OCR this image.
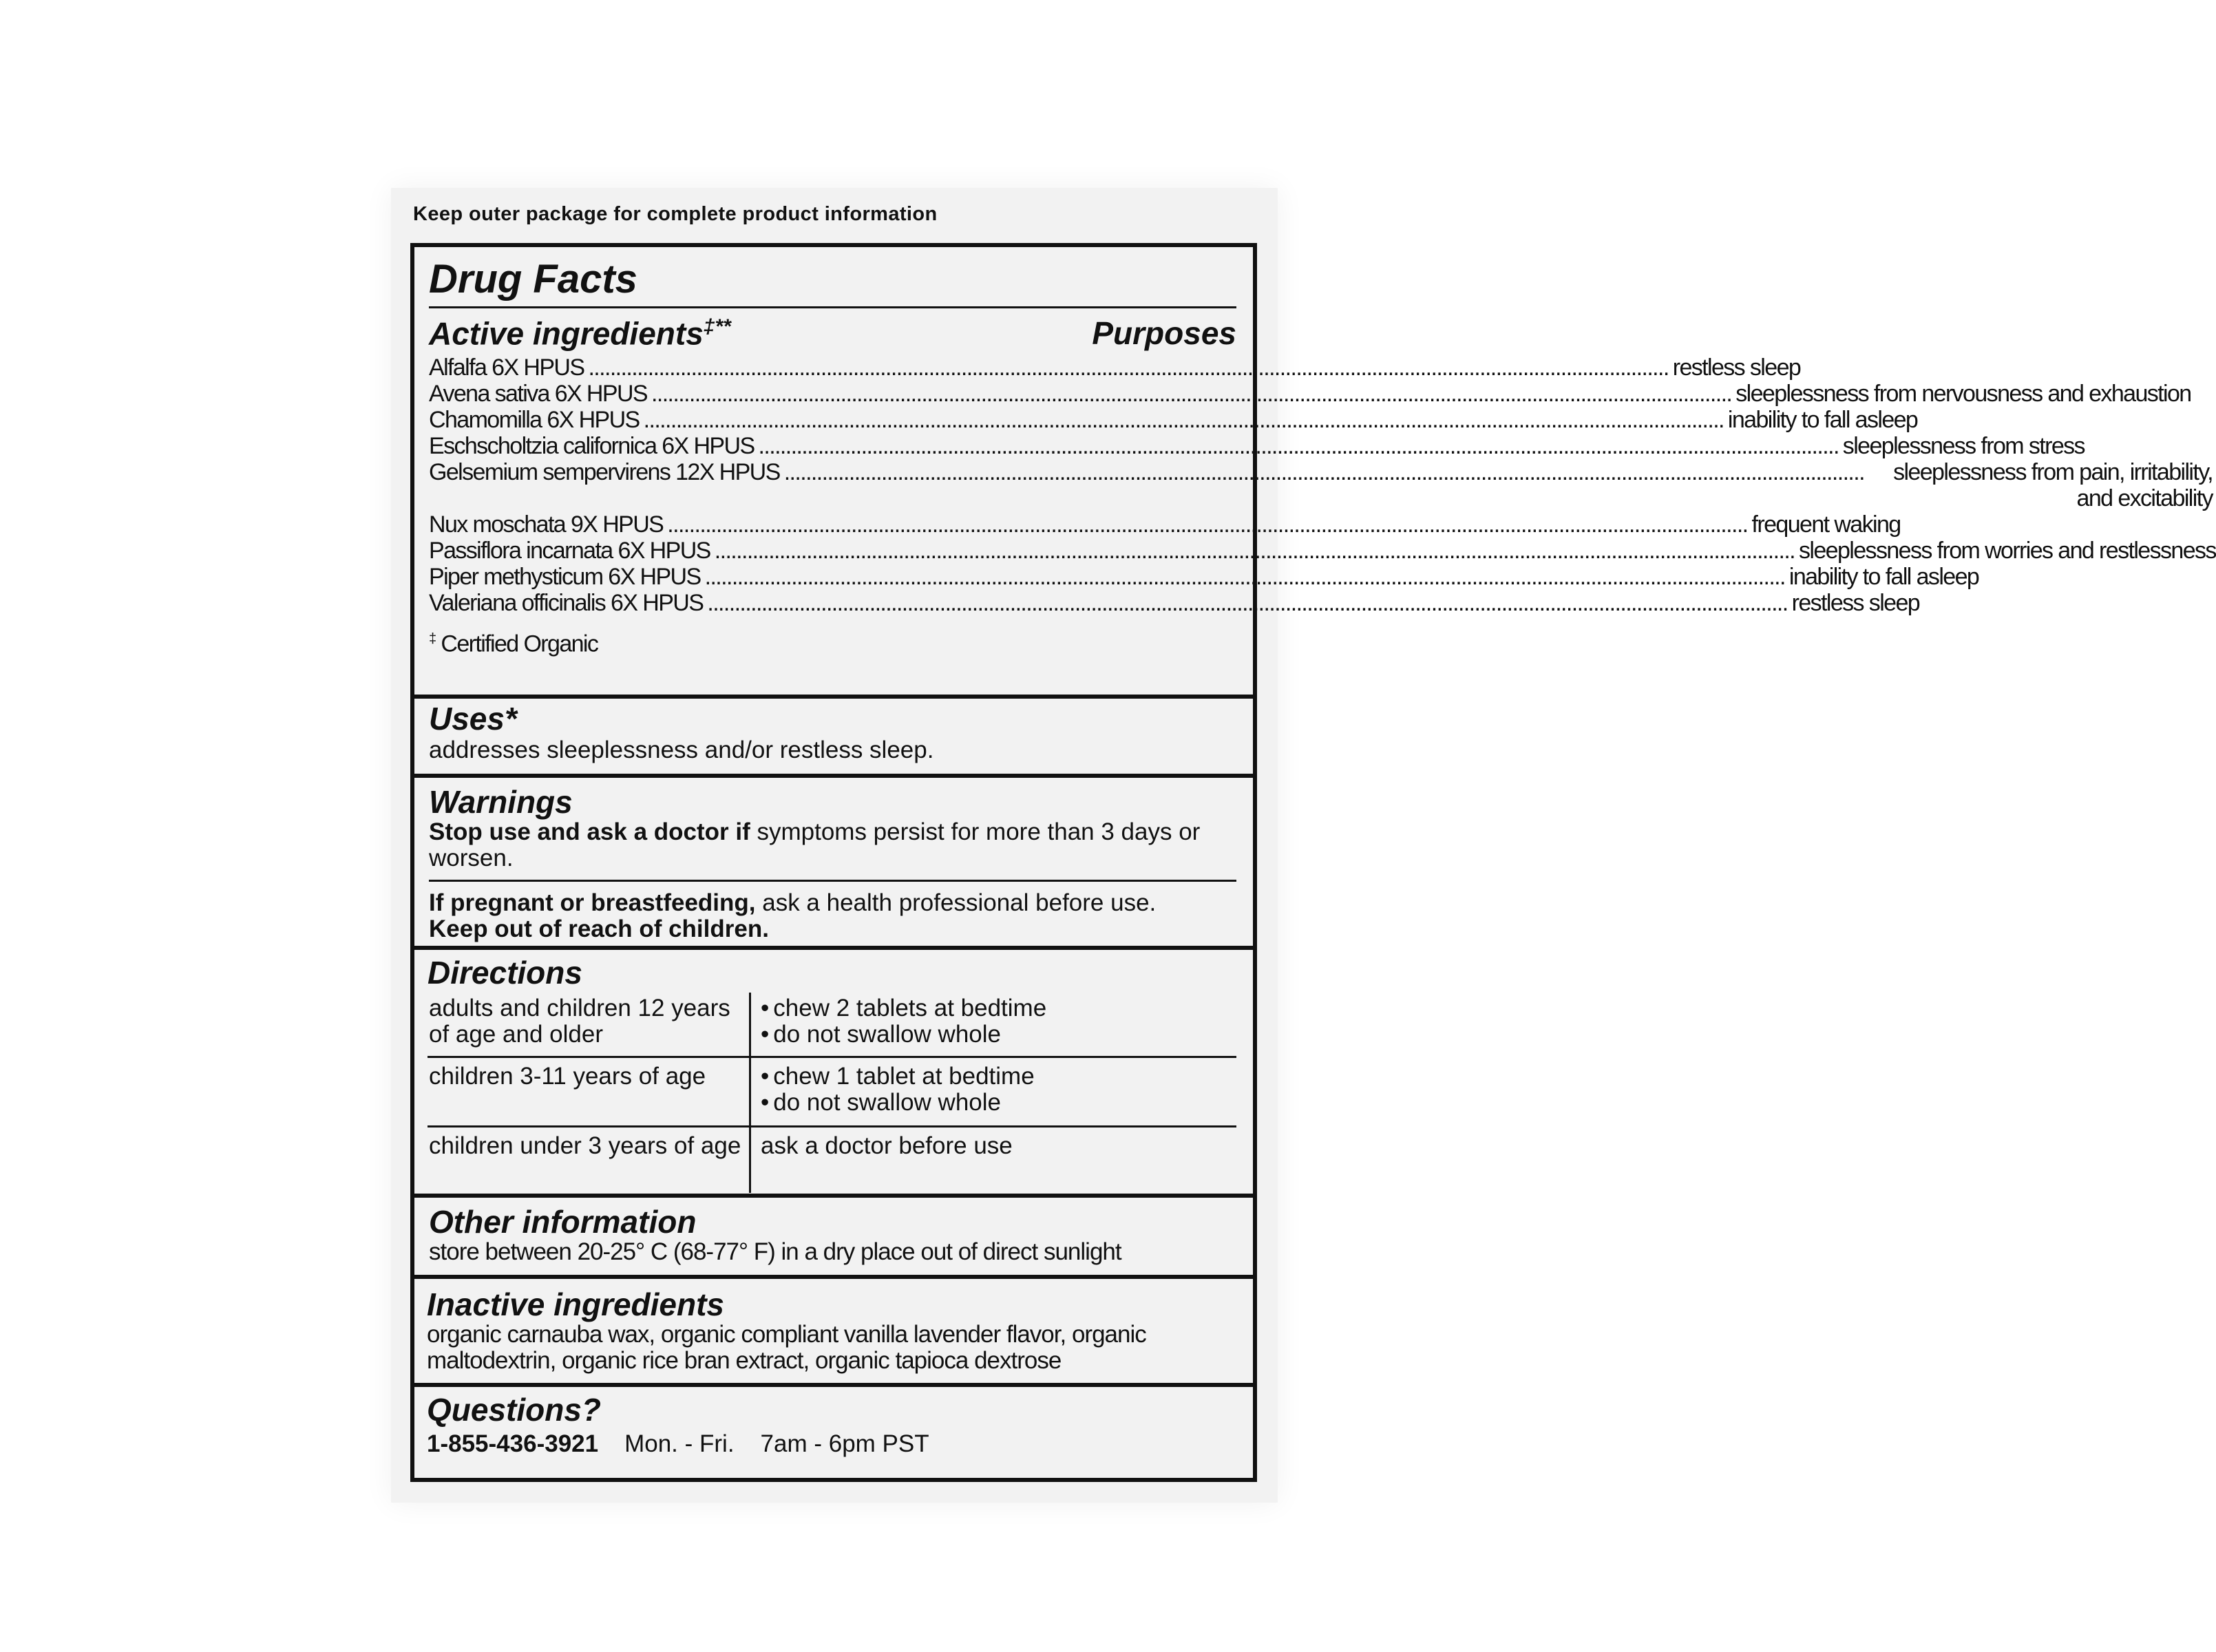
Keep outer package for complete product information
Drug Facts
Active ingredients‡**	Purposes
Alfalfa 6X HPUS ........................................................................................................................................................................................................ restless sleep
Avena sativa 6X HPUS ........................................................................................................................................................................................................ sleeplessness from nervousness and exhaustion
Chamomilla 6X HPUS ........................................................................................................................................................................................................ inability to fall asleep
Eschscholtzia californica 6X HPUS ........................................................................................................................................................................................................ sleeplessness from stress
Gelsemium sempervirens 12X HPUS ........................................................................................................................................................................................................	sleeplessness from pain, irritability, and excitability
Nux moschata 9X HPUS ........................................................................................................................................................................................................ frequent waking
Passiflora incarnata 6X HPUS ........................................................................................................................................................................................................ sleeplessness from worries and restlessness
Piper methysticum 6X HPUS ........................................................................................................................................................................................................ inability to fall asleep
Valeriana officinalis 6X HPUS ........................................................................................................................................................................................................ restless sleep
‡ Certified Organic
Uses*
addresses sleeplessness and/or restless sleep.
Warnings
Stop use and ask a doctor if symptoms persist for more than 3 days or worsen.
If pregnant or breastfeeding, ask a health professional before use.
Keep out of reach of children.
Directions
adults and children 12 years of age and older
• chew 2 tablets at bedtime
• do not swallow whole
children 3-11 years of age
•	chew 1 tablet at bedtime
• do not swallow whole
children under 3 years of age ask a doctor before use
Other information
store between 20-25° C (68-77° F) in a dry place out of direct sunlight
Inactive ingredients
organic carnauba wax, organic compliant vanilla lavender flavor, organic maltodextrin, organic rice bran extract, organic tapioca dextrose
Questions?
1-855-436-3921 Mon. - Fri. 7am - 6pm PST
